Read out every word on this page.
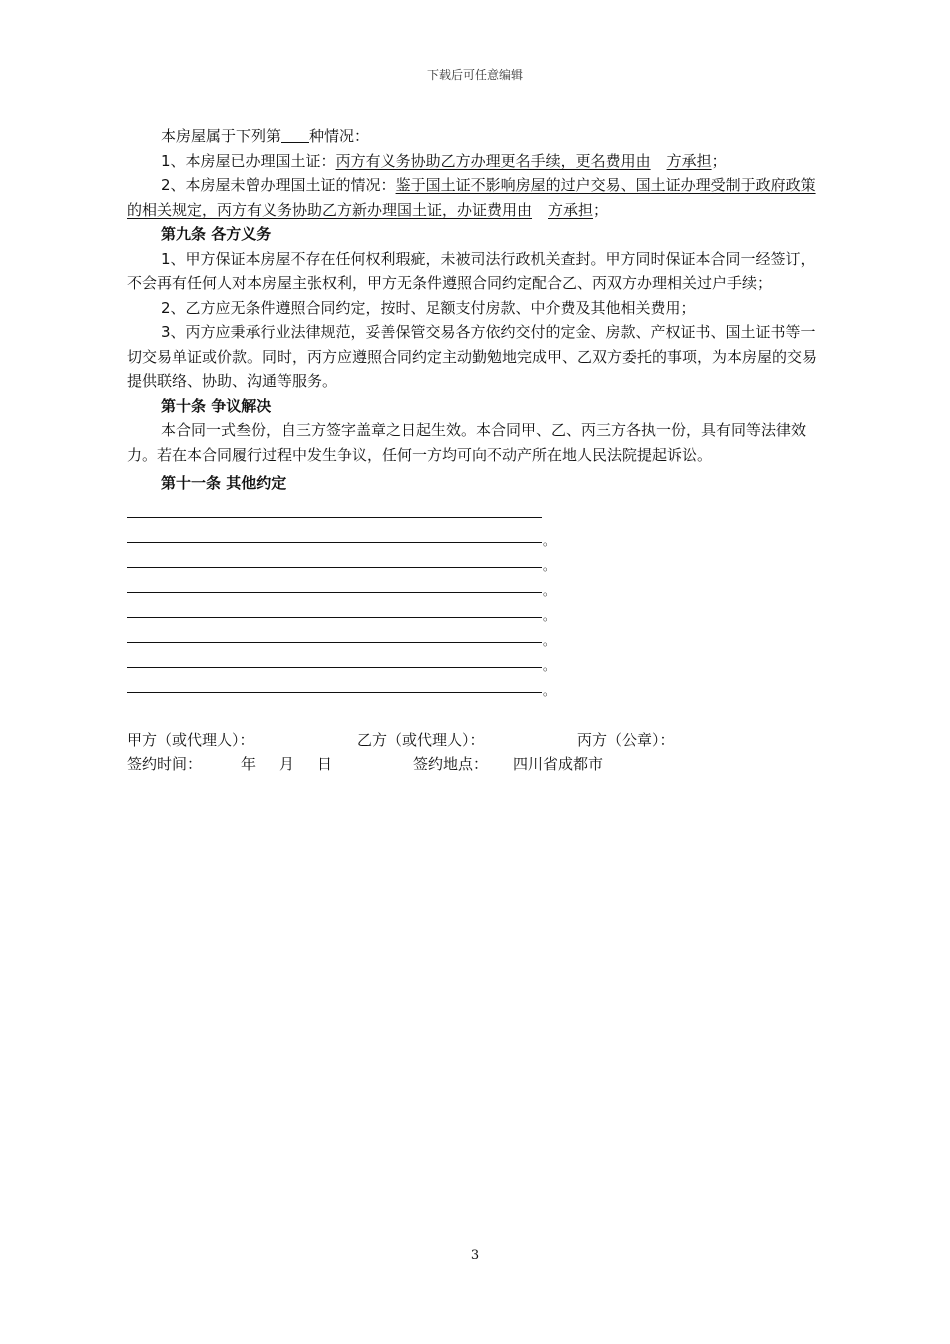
下载后可任意编辑

本房屋属于下列第 种情况：

1、本房屋已办理国土证：丙方有义务协助乙方办理更名手续，更名费用由 方承担；

2、本房屋未曾办理国土证的情况：鉴于国土证不影响房屋的过户交易、国土证办理受制于政府政策的相关规定，丙方有义务协助乙方新办理国土证，办证费用由 方承担；

第九条 各方义务

1、甲方保证本房屋不存在任何权利瑕疵，未被司法行政机关查封。甲方同时保证本合同一经签订，不会再有任何人对本房屋主张权利，甲方无条件遵照合同约定配合乙、丙双方办理相关过户手续；

2、乙方应无条件遵照合同约定，按时、足额支付房款、中介费及其他相关费用；

3、丙方应秉承行业法律规范，妥善保管交易各方依约交付的定金、房款、产权证书、国土证书等一切交易单证或价款。同时，丙方应遵照合同约定主动勤勉地完成甲、乙双方委托的事项，为本房屋的交易提供联络、协助、沟通等服务。

第十条 争议解决

本合同一式叁份，自三方签字盖章之日起生效。本合同甲、乙、丙三方各执一份，具有同等法律效力。若在本合同履行过程中发生争议，任何一方均可向不动产所在地人民法院提起诉讼。

第十一条 其他约定

。
。
。
。
。
。
。
甲方（或代理人）：	乙方（或代理人）：	丙方（公章）：
签约时间：	年 月 日	签约地点： 四川省成都市
3
